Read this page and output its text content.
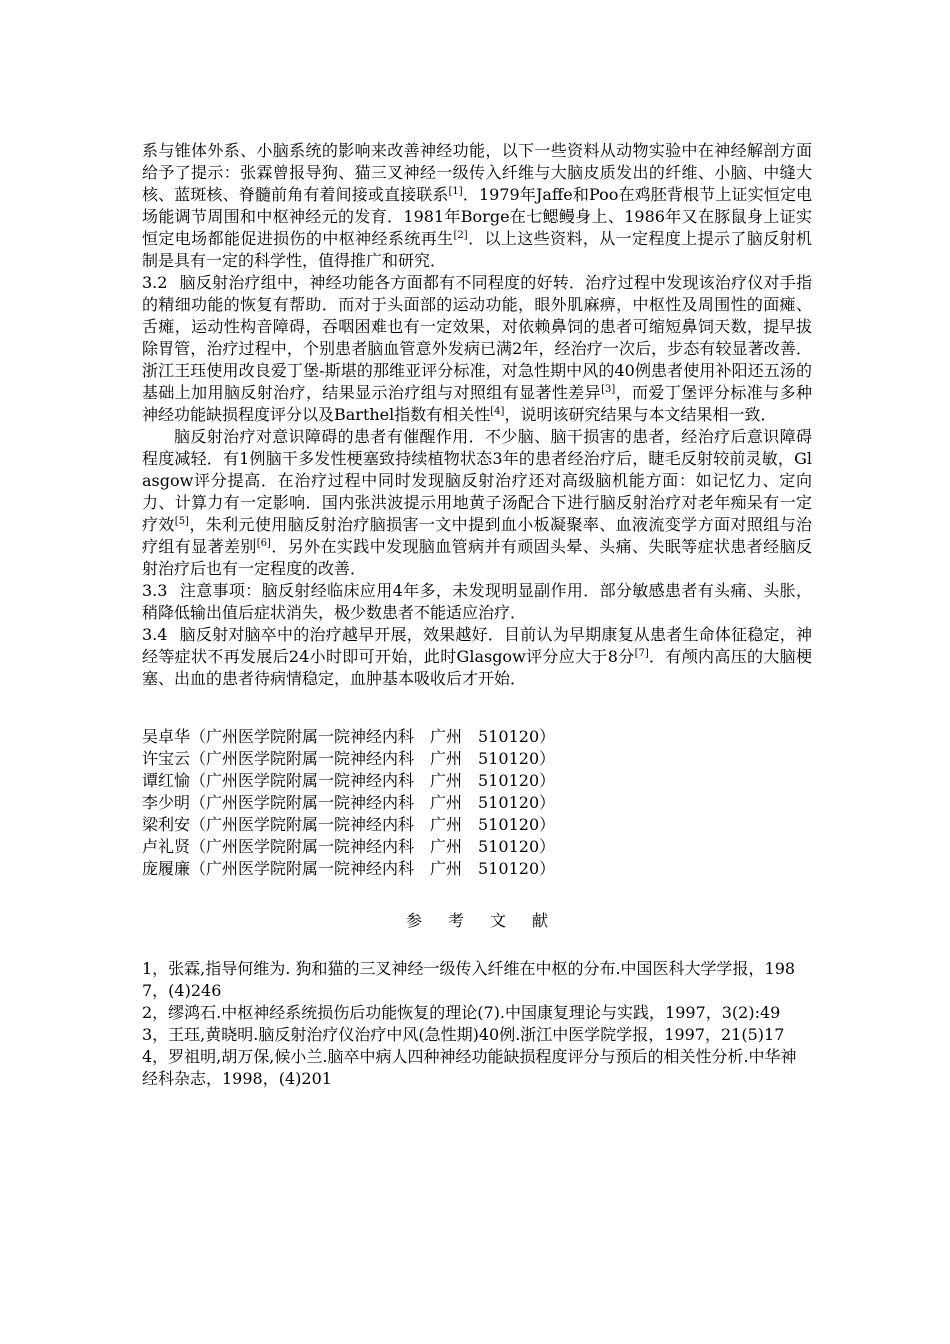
系与锥体外系、小脑系统的影响来改善神经功能，以下一些资料从动物实验中在神经解剖方面给予了提示：张霖曾报导狗、猫三叉神经一级传入纤维与大脑皮质发出的纤维、小脑、中缝大核、蓝斑核、脊髓前角有着间接或直接联系[1]．1979年Jaffe和Poo在鸡胚背根节上证实恒定电场能调节周围和中枢神经元的发育．1981年Borge在七鳃鳗身上、1986年又在豚鼠身上证实恒定电场都能促进损伤的中枢神经系统再生[2]．以上这些资料，从一定程度上提示了脑反射机制是具有一定的科学性，值得推广和研究．

3.2 脑反射治疗组中，神经功能各方面都有不同程度的好转．治疗过程中发现该治疗仪对手指的精细功能的恢复有帮助．而对于头面部的运动功能，眼外肌麻痹，中枢性及周围性的面瘫、舌瘫，运动性构音障碍，吞咽困难也有一定效果，对依赖鼻饲的患者可缩短鼻饲天数，提早拔除胃管，治疗过程中，个别患者脑血管意外发病已满2年，经治疗一次后，步态有较显著改善．浙江王珏使用改良爱丁堡-斯堪的那维亚评分标准，对急性期中风的40例患者使用补阳还五汤的基础上加用脑反射治疗，结果显示治疗组与对照组有显著性差异[3]，而爱丁堡评分标准与多种神经功能缺损程度评分以及Barthel指数有相关性[4]，说明该研究结果与本文结果相一致．

脑反射治疗对意识障碍的患者有催醒作用．不少脑、脑干损害的患者，经治疗后意识障碍程度减轻．有1例脑干多发性梗塞致持续植物状态3年的患者经治疗后，睫毛反射较前灵敏，Glasgow评分提高．在治疗过程中同时发现脑反射治疗还对高级脑机能方面：如记忆力、定向力、计算力有一定影响．国内张洪波提示用地黄子汤配合下进行脑反射治疗对老年痴呆有一定疗效[5]，朱利元使用脑反射治疗脑损害一文中提到血小板凝聚率、血液流变学方面对照组与治疗组有显著差别[6]．另外在实践中发现脑血管病并有顽固头晕、头痛、失眠等症状患者经脑反射治疗后也有一定程度的改善．

3.3 注意事项：脑反射经临床应用4年多，未发现明显副作用．部分敏感患者有头痛、头胀，稍降低输出值后症状消失，极少数患者不能适应治疗．

3.4 脑反射对脑卒中的治疗越早开展，效果越好．目前认为早期康复从患者生命体征稳定，神经等症状不再发展后24小时即可开始，此时Glasgow评分应大于8分[7]．有颅内高压的大脑梗塞、出血的患者待病情稳定，血肿基本吸收后才开始．

吴卓华（广州医学院附属一院神经内科 广州 510120）
许宝云（广州医学院附属一院神经内科 广州 510120）
谭红愉（广州医学院附属一院神经内科 广州 510120）
李少明（广州医学院附属一院神经内科 广州 510120）
梁利安（广州医学院附属一院神经内科 广州 510120）
卢礼贤（广州医学院附属一院神经内科 广州 510120）
庞履廉（广州医学院附属一院神经内科 广州 510120）
参考文献

1，张霖,指导何维为. 狗和猫的三叉神经一级传入纤维在中枢的分布.中国医科大学学报，1987，(4)246

2，缪鸿石.中枢神经系统损伤后功能恢复的理论(7).中国康复理论与实践，1997，3(2):49

3，王珏,黄晓明.脑反射治疗仪治疗中风(急性期)40例.浙江中医学院学报，1997，21(5)17

4，罗祖明,胡万保,候小兰.脑卒中病人四种神经功能缺损程度评分与预后的相关性分析.中华神经科杂志，1998，(4)201
